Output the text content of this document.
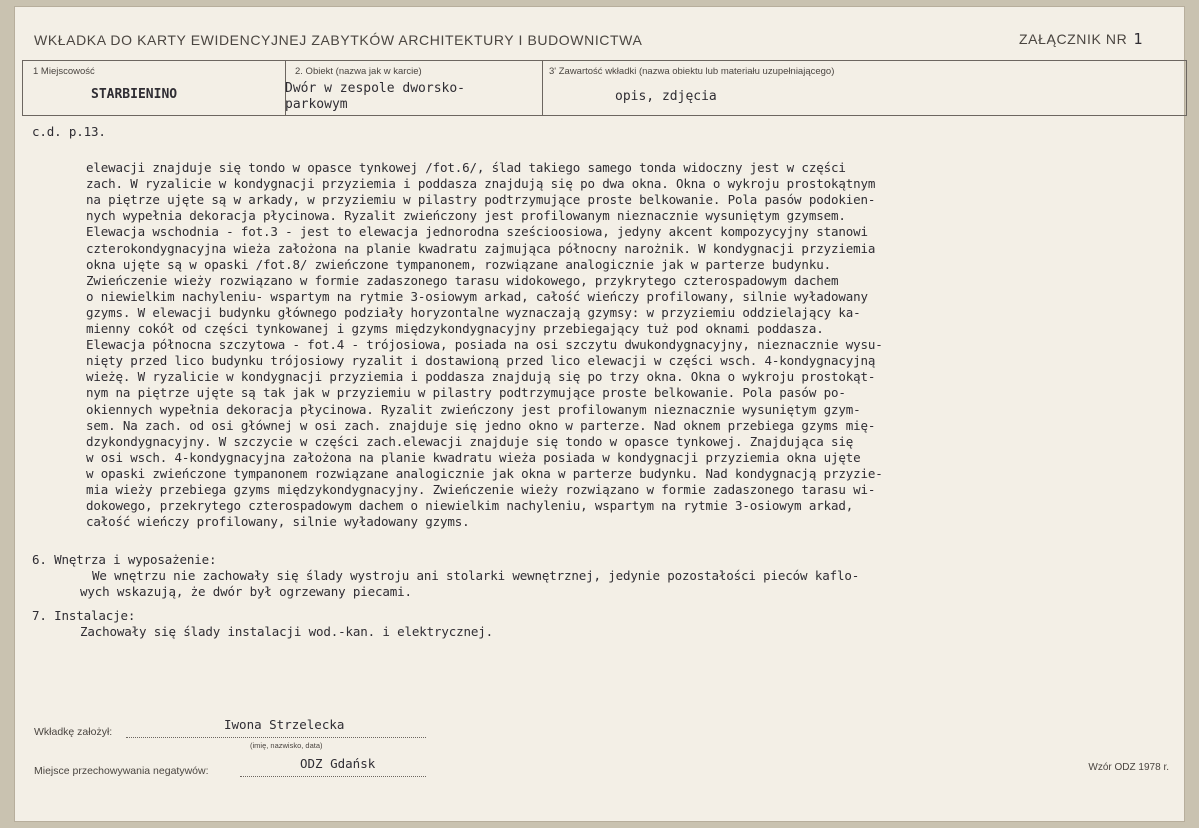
WKŁADKA DO KARTY EWIDENCYJNEJ ZABYTKÓW ARCHITEKTURY I BUDOWNICTWA	ZAŁĄCZNIK NR 1
1 Miejscowość
STARBIENINO
2. Obiekt (nazwa jak w karcie)
Dwór w zespole dworsko-
parkowym
3' Zawartość wkładki (nazwa obiektu lub materiału uzupełniającego)
opis, zdjęcia
c.d. p.13.
elewacji znajduje się tondo w opasce tynkowej /fot.6/, ślad takiego samego tonda widoczny jest w części
zach. W ryzalicie w kondygnacji przyziemia i poddasza znajdują się po dwa okna. Okna o wykroju prostokątnym
na piętrze ujęte są w arkady, w przyziemiu w pilastry podtrzymujące proste belkowanie. Pola pasów podokien-
nych wypełnia dekoracja płycinowa. Ryzalit zwieńczony jest profilowanym nieznacznie wysuniętym gzymsem.
Elewacja wschodnia - fot.3 - jest to elewacja jednorodna sześcioosiowa, jedyny akcent kompozycyjny stanowi
czterokondygnacyjna wieża założona na planie kwadratu zajmująca północny narożnik. W kondygnacji przyziemia
okna ujęte są w opaski /fot.8/ zwieńczone tympanonem, rozwiązane analogicznie jak w parterze budynku.
Zwieńczenie wieży rozwiązano w formie zadaszonego tarasu widokowego, przykrytego czterospadowym dachem
o niewielkim nachyleniu- wspartym na rytmie 3-osiowym arkad, całość wieńczy profilowany, silnie wyładowany
gzyms. W elewacji budynku głównego podziały horyzontalne wyznaczają gzymsy: w przyziemiu oddzielający ka-
mienny cokół od części tynkowanej i gzyms międzykondygnacyjny przebiegający tuż pod oknami poddasza.
Elewacja północna szczytowa - fot.4 - trójosiowa, posiada na osi szczytu dwukondygnacyjny, nieznacznie wysu-
nięty przed lico budynku trójosiowy ryzalit i dostawioną przed lico elewacji w części wsch. 4-kondygnacyjną
wieżę. W ryzalicie w kondygnacji przyziemia i poddasza znajdują się po trzy okna. Okna o wykroju prostokąt-
nym na piętrze ujęte są tak jak w przyziemiu w pilastry podtrzymujące proste belkowanie. Pola pasów po-
okiennych wypełnia dekoracja płycinowa. Ryzalit zwieńczony jest profilowanym nieznacznie wysuniętym gzym-
sem. Na zach. od osi głównej w osi zach. znajduje się jedno okno w parterze. Nad oknem przebiega gzyms mię-
dzykondygnacyjny. W szczycie w części zach.elewacji znajduje się tondo w opasce tynkowej. Znajdująca się
w osi wsch. 4-kondygnacyjna założona na planie kwadratu wieża posiada w kondygnacji przyziemia okna ujęte
w opaski zwieńczone tympanonem rozwiązane analogicznie jak okna w parterze budynku. Nad kondygnacją przyzie-
mia wieży przebiega gzyms międzykondygnacyjny. Zwieńczenie wieży rozwiązano w formie zadaszonego tarasu wi-
dokowego, przekrytego czterospadowym dachem o niewielkim nachyleniu, wspartym na rytmie 3-osiowym arkad,
całość wieńczy profilowany, silnie wyładowany gzyms.
6. Wnętrza i wyposażenie:
We wnętrzu nie zachowały się ślady wystroju ani stolarki wewnętrznej, jedynie pozostałości pieców kaflo-
wych wskazują, że dwór był ogrzewany piecami.
7. Instalacje:
Zachowały się ślady instalacji wod.-kan. i elektrycznej.
Wkładkę założył:	Iwona Strzelecka
(imię, nazwisko, data)
Miejsce przechowywania negatywów:	ODZ Gdańsk	Wzór ODZ 1978 r.
